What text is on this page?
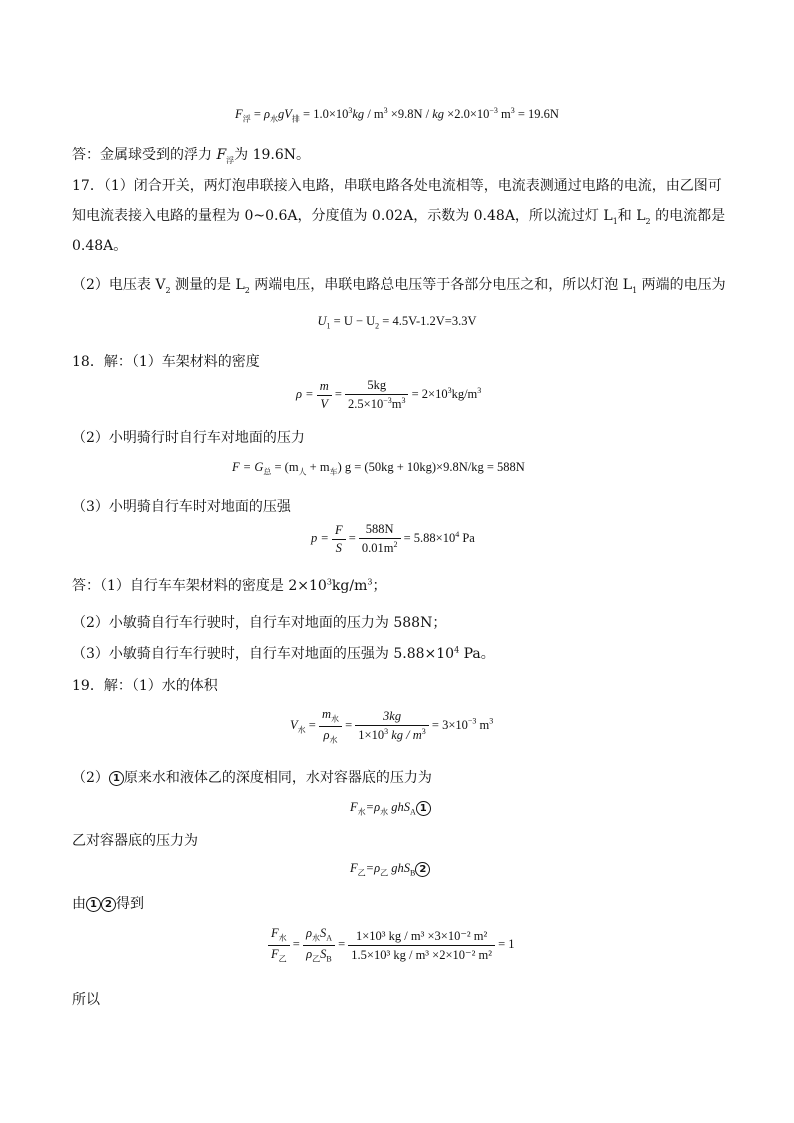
$F_浮 = \rho_水gV_排 = 1.0\times 10^3kg / m^3 \times 9.8N$ / kg $\times 2.0\times 10^{-3}$ $m^3 = 19.6N$
答：金属球受到的浮力 $F_浮$为 19.6N。
17．（1）闭合开关，两灯泡串联接入电路，串联电路各处电流相等，电流表测通过电路的电流，由乙图可
知电流表接入电路的量程为 0~0.6A，分度值为 0.02A，示数为 0.48A，所以流过灯 $L_1$和 $L_2$ 的电流都是
0.48A。
（2）电压表 $V_2$ 测量的是 $L_2$ 两端电压，串联电路总电压等于各部分电压之和，所以灯泡 $L_1$ 两端的电压为
$U_1 = U - U_2 = 4.5V-1.2V=3.3V$
18．解：（1）车架材料的密度
$\rho = \frac{m}{V} = \frac{5kg}{2.5\times 10^{-3}m^3} = 2\times 10^3kg/m^3$
（2）小明骑行时自行车对地面的压力
$F = G_总 = (m_人 + m_车) g = (50kg + 10kg)\times 9.8N/kg = 588N$
（3）小明骑自行车时对地面的压强
$p = \frac{F}{S} = \frac{588N}{0.01m^2} = 5.88\times 10^4$ Pa
答：（1）自行车车架材料的密度是 $2\times 10^3kg/m^3$；
（2）小敏骑自行车行驶时，自行车对地面的压力为 588N；
（3）小敏骑自行车行驶时，自行车对地面的压强为 $5.88\times 10^4$ Pa。
19．解：（1）水的体积
$V_水 = \frac{m_水}{\rho_水} = \frac{3kg}{1\times 10^3 kg / m^3} = 3\times 10^{-3}$ $m^3$
（2） 1 原来水和液体乙的深度相同，水对容器底的压力为
$F_水=\rho_水$ ghS$_A$ 1
乙对容器底的压力为
$F_乙=\rho_乙$ ghS$_B$ 2
由 1 2 得到
$\frac{F_水}{F_乙} = \frac{\rho_水S_A}{\rho_乙S_B} = \frac{\text{1×10³ kg / m³ ×3×10⁻² m²}}{\text{1.5×10³ kg / m³ ×2×10⁻² m²}} = 1$
所以
